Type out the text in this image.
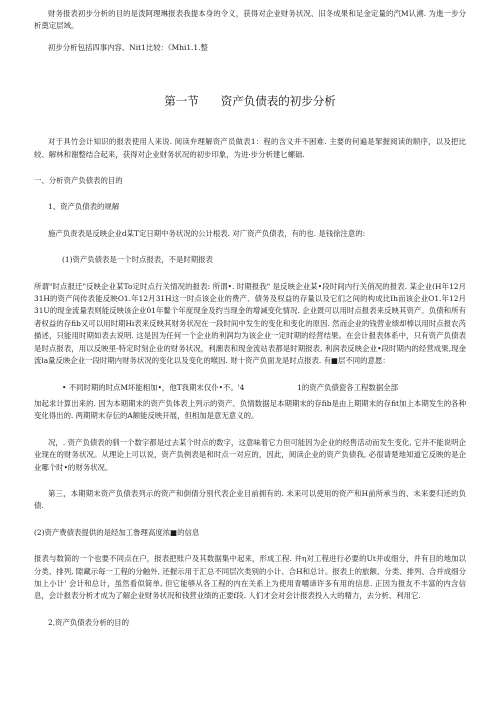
财务报表初步分析的目的是泼阿理琳报表我提本身的令义，获得对企业财务状况、旧冬成果和足金定量的汽M认溯. 为進一步分析奠定层域。

初步分析包括四事内容、Nit1比较：《Mhi1.1.整

第一节 资产负债表的初步分析

对于具竹会计知识的报表使用人来说. 阅读弁理解资产员做表1：程的含义并不困难. 主要的何遍是挈握阅读的顺序，以及把比较、解林和谢整结合起来，获得对企业财务状况的初步印象，为进·步分析建匕螺础.

一、分析资产负债表的目的

1、资产负债表的规解

施产负责表是反映企业d某T定日期中务状况的公计根表. 对广资产负债表，有的也. 是钱徐注意的:

(1)资产负债表是一个时点报表，不是时期报表

所谓"时点报迁"反映企业某To定时点行关情况的报表: 所谓•. 时期报我" 是反映企业某•段时间内行关俏况的报表. 某企业(H年12月31H的资产间传表能反映O1.年12月31H这一时点该企业的费产、债务及权益的存量以及它们之间的构成比Ih而该企业O1.年12月31U的现金流量表则能反映该企业01年鳌个年度现金及约当现金的增减变化情况. 企业既可以用时点报表来反映其资产、负债和所有者权益的存fib又可以用时期Hi表来反映其财务状况在一段时间中发生的变化和变化的原因. 然而企业的钱营业绩却棒以用时点报农芮描述，只能用时期如表去说明. 这是因为任何一个企业的利润均为该企业一定时期的经营结果。在会计报表体系中，只有资产负债表是时点报表，用以反映里-特定时刻企业的财务状况，利潮表和现金流站表都是时期报表, 利润表反映企业•段时期内的经营成果,现金流la量反映企业一段时期内财务状况的变化以及变化的喉因. 财十资产负面龙是时点报表. 有■层不同的意愿：

• 不同时期的时点M坏能相加•，他T我期末仅仆•不。'4	1的资产负债瓷各工程数据全部

加起求计算出来的. 因为本期期末的资产负体表上列示的资产、负情数据足本期期末的存fib是由上期期末的存fit加上本期发生的各种变化得出的. 两期期末存伝的A额能反映开展，但相加是意无意义的。

况，. 资产负债表的驯一个数字都是过去某个时点的数字，这意味着它力但可能因为企业的经售活动而发生变化, 它并不能说明企业现在的财务状况。从理论上可以说，资产负例表是和时点一对应的，因此，阅读企业的资产负债我, 必很请楚地知道它反映的是企业哪个时•的财务状况。

第三，本期期末资产负债表列示的资产和倒倩分别代表企业目前拥有的. 未来可以使用的资产和H前所承当的、未来要归还的负债.

(2)资产费债表提供的是经加工鲁理高度浓■的信息

报表与数简的一个也要不同点在户，报表把账户及其数据集中起来，形成工程. 井η对工程进行必要的Ut并或细分，并有目的地加以分类、排列, 隙藏示毎一工程的分触外, 还握示用于汇总不同层次类别的小计、合H和总计。报表上的旅额、分类、排列、合并成细分加上小计' 会计和总计，虽然看似简单, 但它能够从各工程的内在关系上为使用青嚼谛许多有用的信息. 正因为报友不丰富的内含信息，会计报表分析才成为了解企业财务状况和钱营业绩的正要f段. 人们才会对会计报表投入大的精力，去分析、利用它.

2,资产负债表分析的目的
